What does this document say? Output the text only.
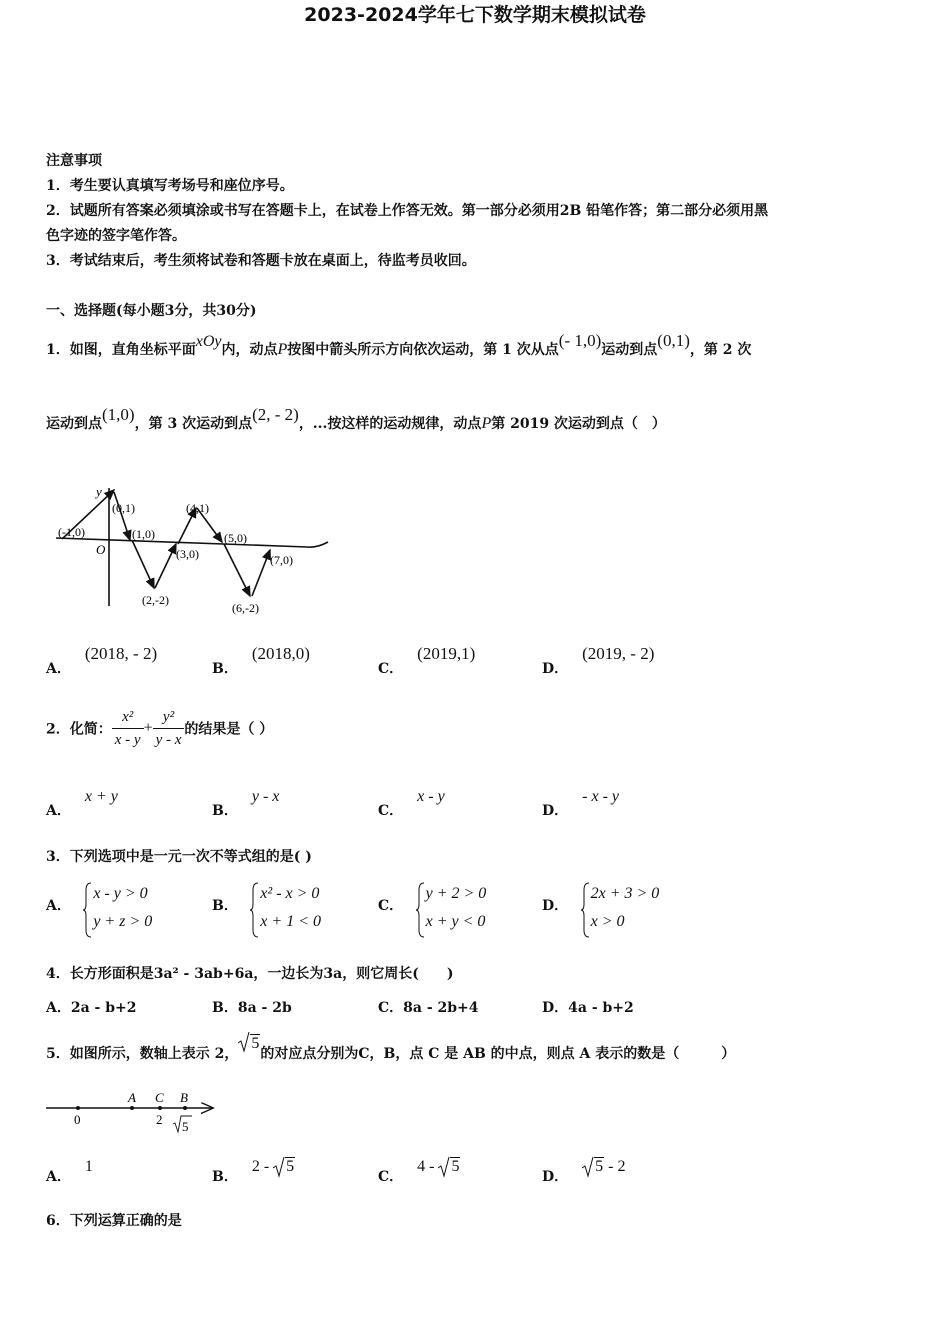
2023-2024学年七下数学期末模拟试卷
注意事项
1．考生要认真填写考场号和座位序号。
2．试题所有答案必须填涂或书写在答题卡上，在试卷上作答无效。第一部分必须用2B 铅笔作答；第二部分必须用黑
色字迹的签字笔作答。
3．考试结束后，考生须将试卷和答题卡放在桌面上，待监考员收回。
一、选择题(每小题3分，共30分)
1．如图，直角坐标平面xOy内，动点P按图中箭头所示方向依次运动，第 1 次从点(- 1,0)运动到点(0,1)，第 2 次
运动到点(1,0)，第 3 次运动到点(2, - 2)，...按这样的运动规律，动点P第 2019 次运动到点（　）
y
O
(-1,0)
(0,1)
(1,0)
(2,-2)
(3,0)
(4,1)
(5,0)
(6,-2)
(7,0)
A．(2018, - 2)
B．(2018,0)
C．(2019,1)
D．(2019, - 2)
2．化简： $\frac{\text{x²}}{x - y} + \frac{\text{y²}}{y - x}$ 的结果是（ ）
A．x + y
B．y - x
C．x - y
D．- x - y
3．下列选项中是一元一次不等式组的是( )
A．
x - y > 0
y + z > 0
B．
x² - x > 0
x + 1 < 0
C．
y + 2 > 0
x + y < 0
D．
2x + 3 > 0
x > 0
4．长方形面积是3a² - 3ab+6a，一边长为3a，则它周长(　　)
A．2a - b+2	B．8a - 2b	C．8a - 2b+4	D．4a - b+2
5．如图所示，数轴上表示 2，
5的对应点分别为C，B，点 C 是 AB 的中点，则点 A 表示的数是（　　　）
A C B
0	2 5
A．1
B．2 -
5
C．4 -
5
D．
5 - 2
6．下列运算正确的是
